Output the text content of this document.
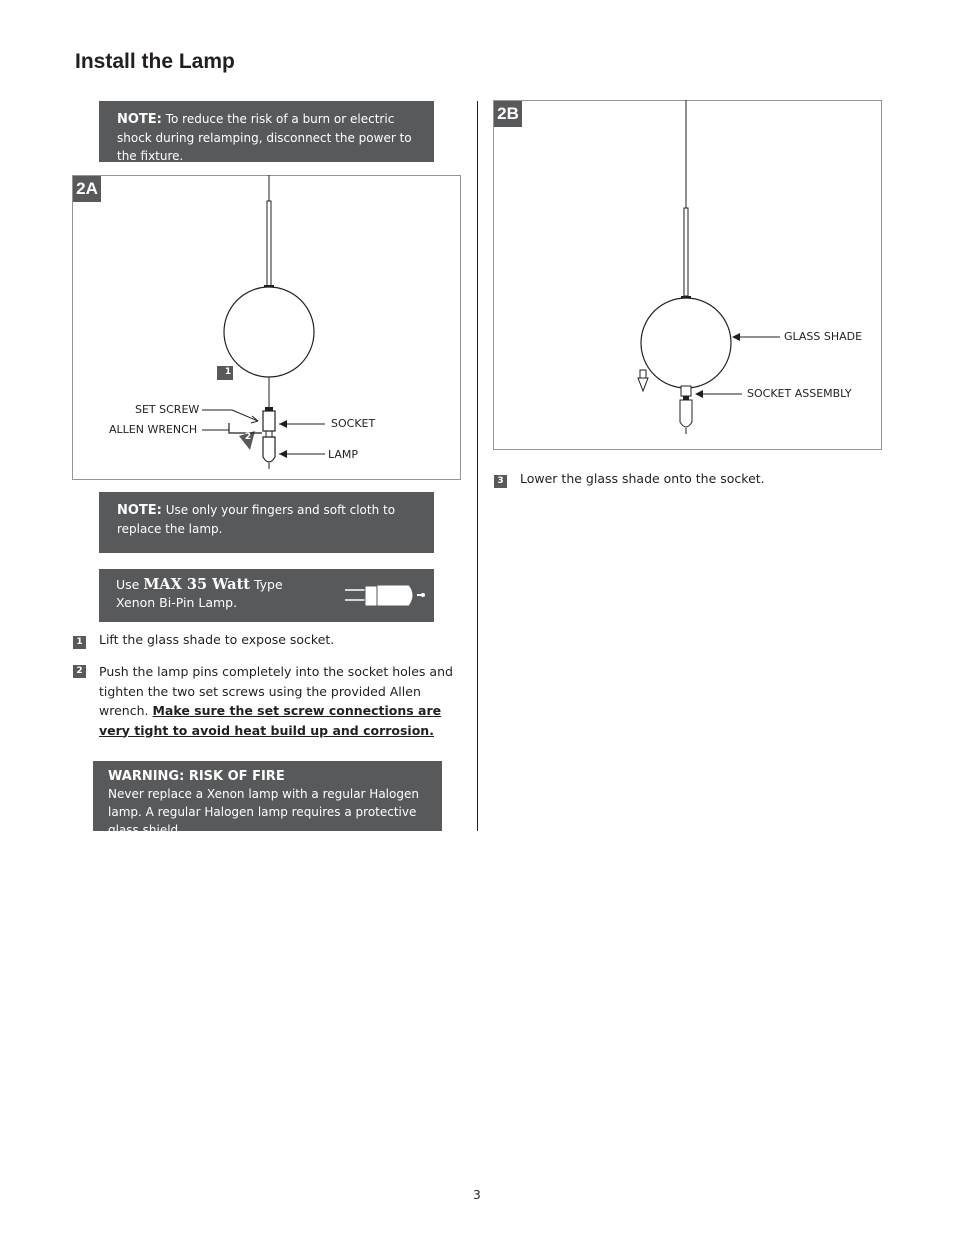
Install the Lamp
NOTE: To reduce the risk of a burn or electric shock during relamping, disconnect the power to the fixture.
2A
1
2
SET SCREW
ALLEN WRENCH	SOCKET
LAMP
NOTE: Use only your fingers and soft cloth to replace the lamp.
Use MAX 35 Watt Type Xenon Bi-Pin Lamp.
1 Lift the glass shade to expose socket.
2 Push the lamp pins completely into the socket holes and tighten the two set screws using the provided Allen wrench. Make sure the set screw connections are very tight to avoid heat build up and corrosion.
WARNING: RISK OF FIRE
Never replace a Xenon lamp with a regular Halogen lamp. A regular Halogen lamp requires a protective glass shield.
2B
GLASS SHADE
SOCKET ASSEMBLY
3 Lower the glass shade onto the socket.
3
